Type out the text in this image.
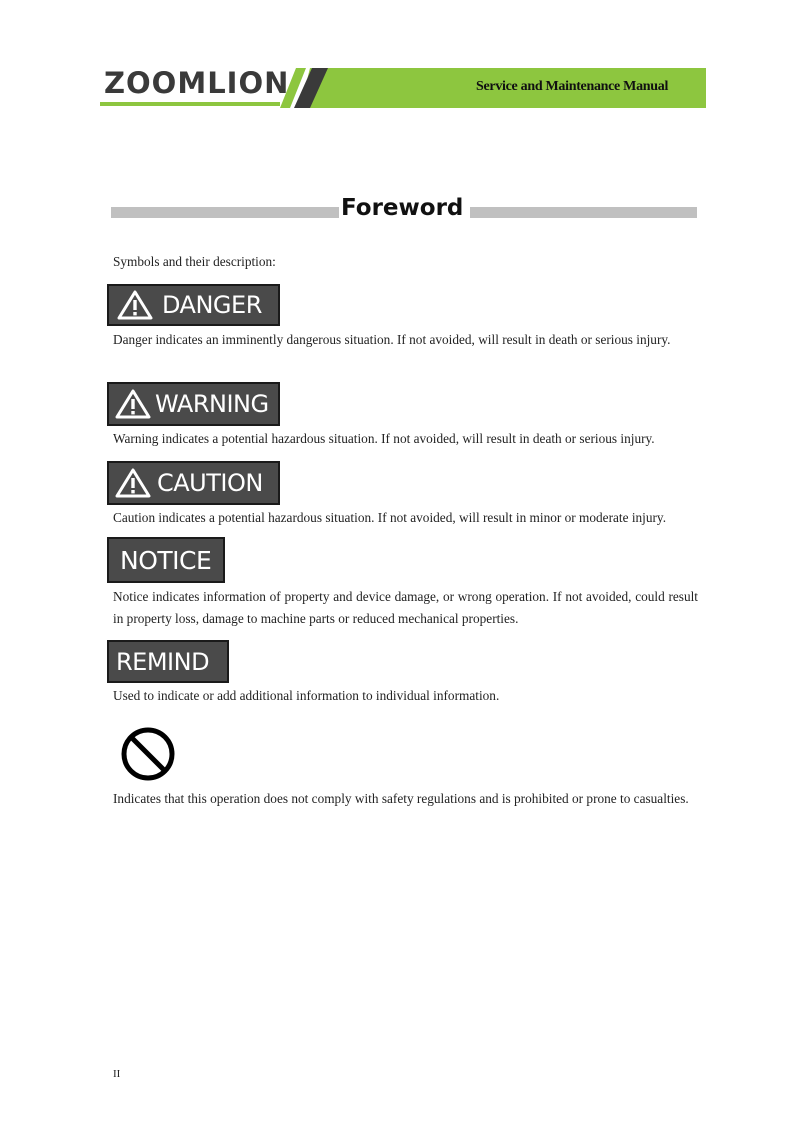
ZOOMLION	Service and Maintenance Manual
Foreword
Symbols and their description:
DANGER
Danger indicates an imminently dangerous situation. If not avoided, will result in death or serious injury.
WARNING
Warning indicates a potential hazardous situation. If not avoided, will result in death or serious injury.
CAUTION
Caution indicates a potential hazardous situation. If not avoided, will result in minor or moderate injury.
NOTICE
Notice indicates information of property and device damage, or wrong operation. If not avoided, could result in property loss, damage to machine parts or reduced mechanical properties.
REMIND
Used to indicate or add additional information to individual information.
Indicates that this operation does not comply with safety regulations and is prohibited or prone to casualties.
II
